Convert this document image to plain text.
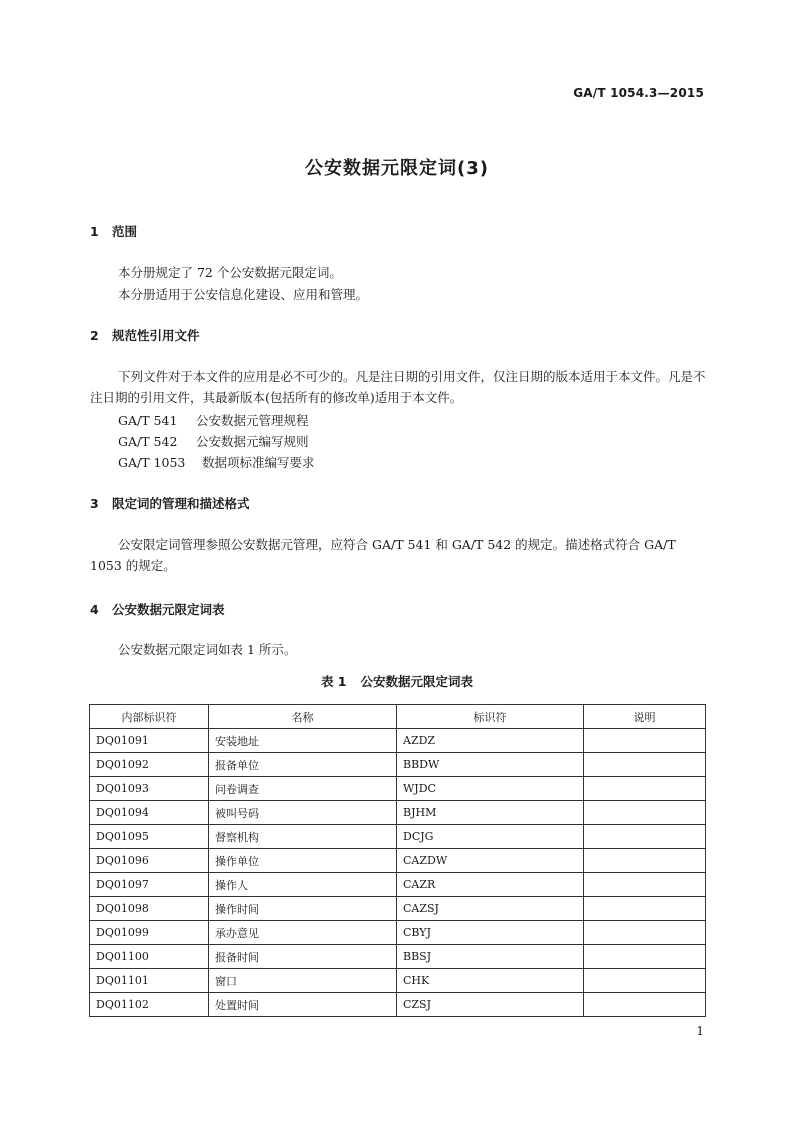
GA/T 1054.3—2015
公安数据元限定词(3)
1 范围
本分册规定了 72 个公安数据元限定词。
本分册适用于公安信息化建设、应用和管理。
2 规范性引用文件
下列文件对于本文件的应用是必不可少的。凡是注日期的引用文件，仅注日期的版本适用于本文件。凡是不注日期的引用文件，其最新版本(包括所有的修改单)适用于本文件。
GA/T 541 公安数据元管理规程
GA/T 542 公安数据元编写规则
GA/T 1053 数据项标准编写要求
3 限定词的管理和描述格式
公安限定词管理参照公安数据元管理，应符合 GA/T 541 和 GA/T 542 的规定。描述格式符合 GA/T 1053 的规定。
4 公安数据元限定词表
公安数据元限定词如表 1 所示。
表 1 公安数据元限定词表
内部标识符	名称	标识符	说明
DQ01091	安装地址	AZDZ	
DQ01092	报备单位	BBDW	
DQ01093	问卷调查	WJDC	
DQ01094	被叫号码	BJHM	
DQ01095	督察机构	DCJG	
DQ01096	操作单位	CAZDW	
DQ01097	操作人	CAZR	
DQ01098	操作时间	CAZSJ	
DQ01099	承办意见	CBYJ	
DQ01100	报备时间	BBSJ	
DQ01101	窗口	CHK	
DQ01102	处置时间	CZSJ	
1
